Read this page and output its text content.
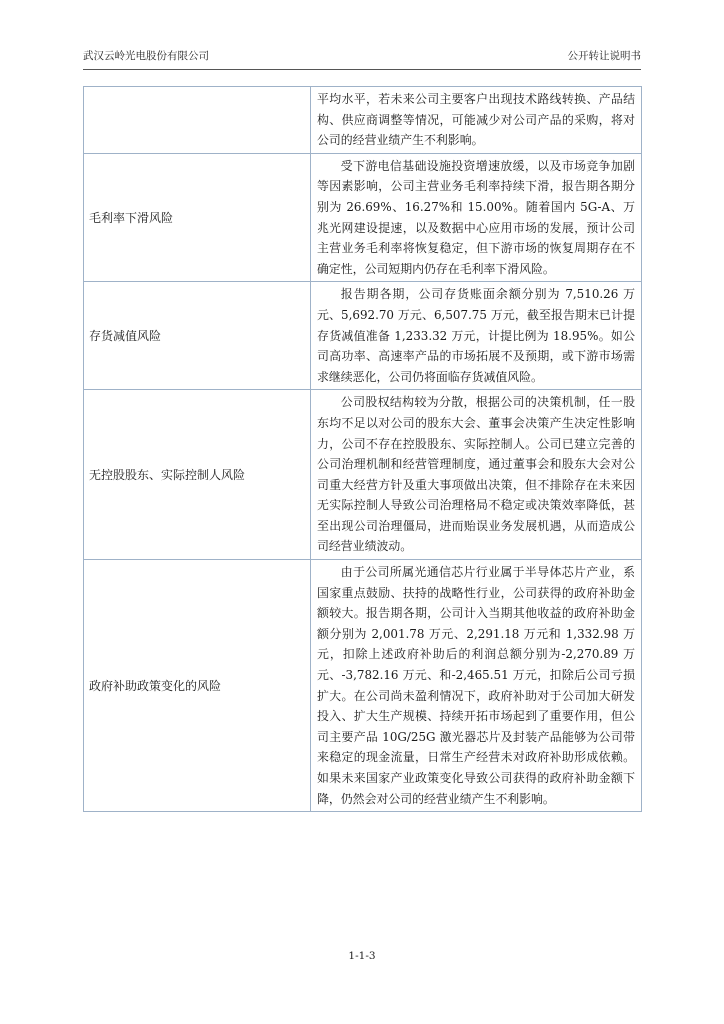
武汉云岭光电股份有限公司	公开转让说明书
	平均水平，若未来公司主要客户出现技术路线转换、产品结构、供应商调整等情况，可能减少对公司产品的采购，将对公司的经营业绩产生不利影响。
毛利率下滑风险	受下游电信基础设施投资增速放缓，以及市场竞争加剧等因素影响，公司主营业务毛利率持续下滑，报告期各期分别为 26.69%、16.27%和 15.00%。随着国内 5G-A、万兆光网建设提速，以及数据中心应用市场的发展，预计公司主营业务毛利率将恢复稳定，但下游市场的恢复周期存在不确定性，公司短期内仍存在毛利率下滑风险。
存货减值风险	报告期各期，公司存货账面余额分别为 7,510.26 万元、5,692.70 万元、6,507.75 万元，截至报告期末已计提存货减值准备 1,233.32 万元，计提比例为 18.95%。如公司高功率、高速率产品的市场拓展不及预期，或下游市场需求继续恶化，公司仍将面临存货减值风险。
无控股股东、实际控制人风险	公司股权结构较为分散，根据公司的决策机制，任一股东均不足以对公司的股东大会、董事会决策产生决定性影响力，公司不存在控股股东、实际控制人。公司已建立完善的公司治理机制和经营管理制度，通过董事会和股东大会对公司重大经营方针及重大事项做出决策，但不排除存在未来因无实际控制人导致公司治理格局不稳定或决策效率降低，甚至出现公司治理僵局，进而贻误业务发展机遇，从而造成公司经营业绩波动。
政府补助政策变化的风险	由于公司所属光通信芯片行业属于半导体芯片产业，系国家重点鼓励、扶持的战略性行业，公司获得的政府补助金额较大。报告期各期，公司计入当期其他收益的政府补助金额分别为 2,001.78 万元、2,291.18 万元和 1,332.98 万元，扣除上述政府补助后的利润总额分别为-2,270.89 万元、-3,782.16 万元、和-2,465.51 万元，扣除后公司亏损扩大。在公司尚未盈利情况下，政府补助对于公司加大研发投入、扩大生产规模、持续开拓市场起到了重要作用，但公司主要产品 10G/25G 激光器芯片及封装产品能够为公司带来稳定的现金流量，日常生产经营未对政府补助形成依赖。如果未来国家产业政策变化导致公司获得的政府补助金额下降，仍然会对公司的经营业绩产生不利影响。
1-1-3
